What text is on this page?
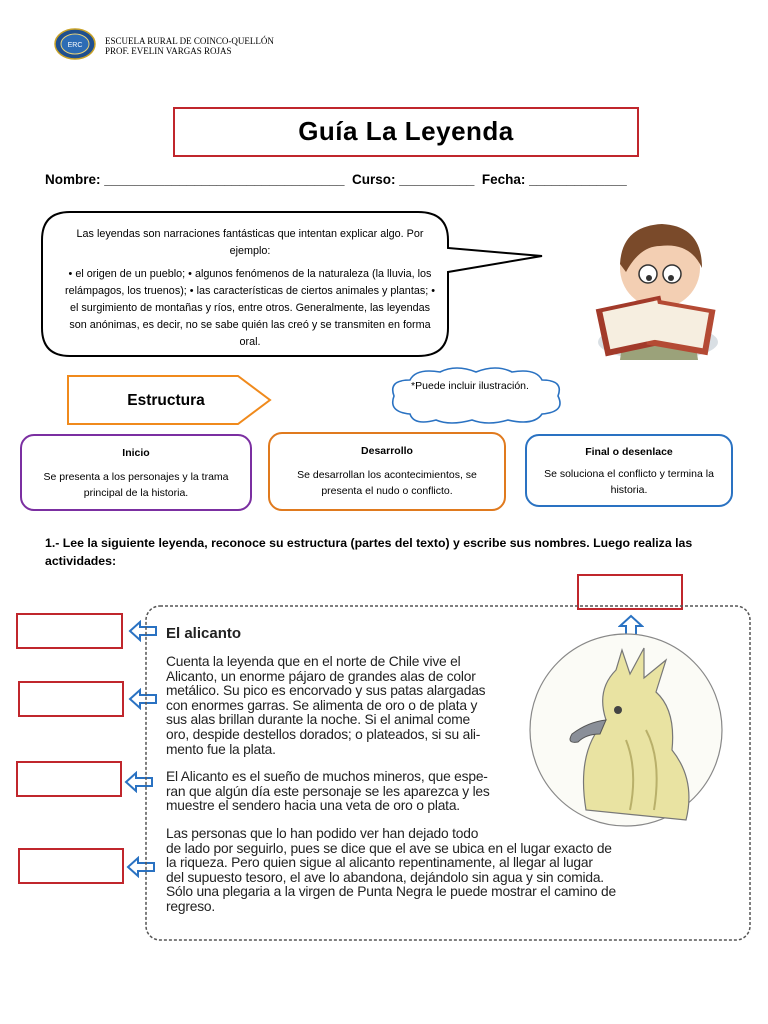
ERC	ESCUELA RURAL DE COINCO-QUELLÓN
PROF. EVELIN VARGAS ROJAS
Guía La Leyenda
Nombre: ________________________________  Curso: __________  Fecha: _____________

Las leyendas son narraciones fantásticas que intentan explicar algo. Por ejemplo:

• el origen de un pueblo; • algunos fenómenos de la naturaleza (la lluvia, los relámpagos, los truenos); • las características de ciertos animales y plantas; • el surgimiento de montañas y ríos, entre otros. Generalmente, las leyendas son anónimas, es decir, no se sabe quién las creó y se transmiten en forma oral.

Estructura
*Puede incluir ilustración.
Inicio
Se presenta a los personajes y la trama principal de la historia.
Desarrollo
Se desarrollan los acontecimientos, se presenta el nudo o conflicto.
Final o desenlace
Se soluciona el conflicto y termina la historia.
1.- Lee la siguiente leyenda, reconoce su estructura (partes del texto) y escribe sus nombres. Luego realiza las actividades:
El alicanto
Cuenta la leyenda que en el norte de Chile vive el
Alicanto, un enorme pájaro de grandes alas de color
metálico. Su pico es encorvado y sus patas alargadas
con enormes garras. Se alimenta de oro o de plata y
sus alas brillan durante la noche. Si el animal come
oro, despide destellos dorados; o plateados, si su ali-
mento fue la plata.
El Alicanto es el sueño de muchos mineros, que espe-
ran que algún día este personaje se les aparezca y les
muestre el sendero hacia una veta de oro o plata.
Las personas que lo han podido ver han dejado todo
de lado por seguirlo, pues se dice que el ave se ubica en el lugar exacto de
la riqueza. Pero quien sigue al alicanto repentinamente, al llegar al lugar
del supuesto tesoro, el ave lo abandona, dejándolo sin agua y sin comida.
Sólo una plegaria a la virgen de Punta Negra le puede mostrar el camino de
regreso.
